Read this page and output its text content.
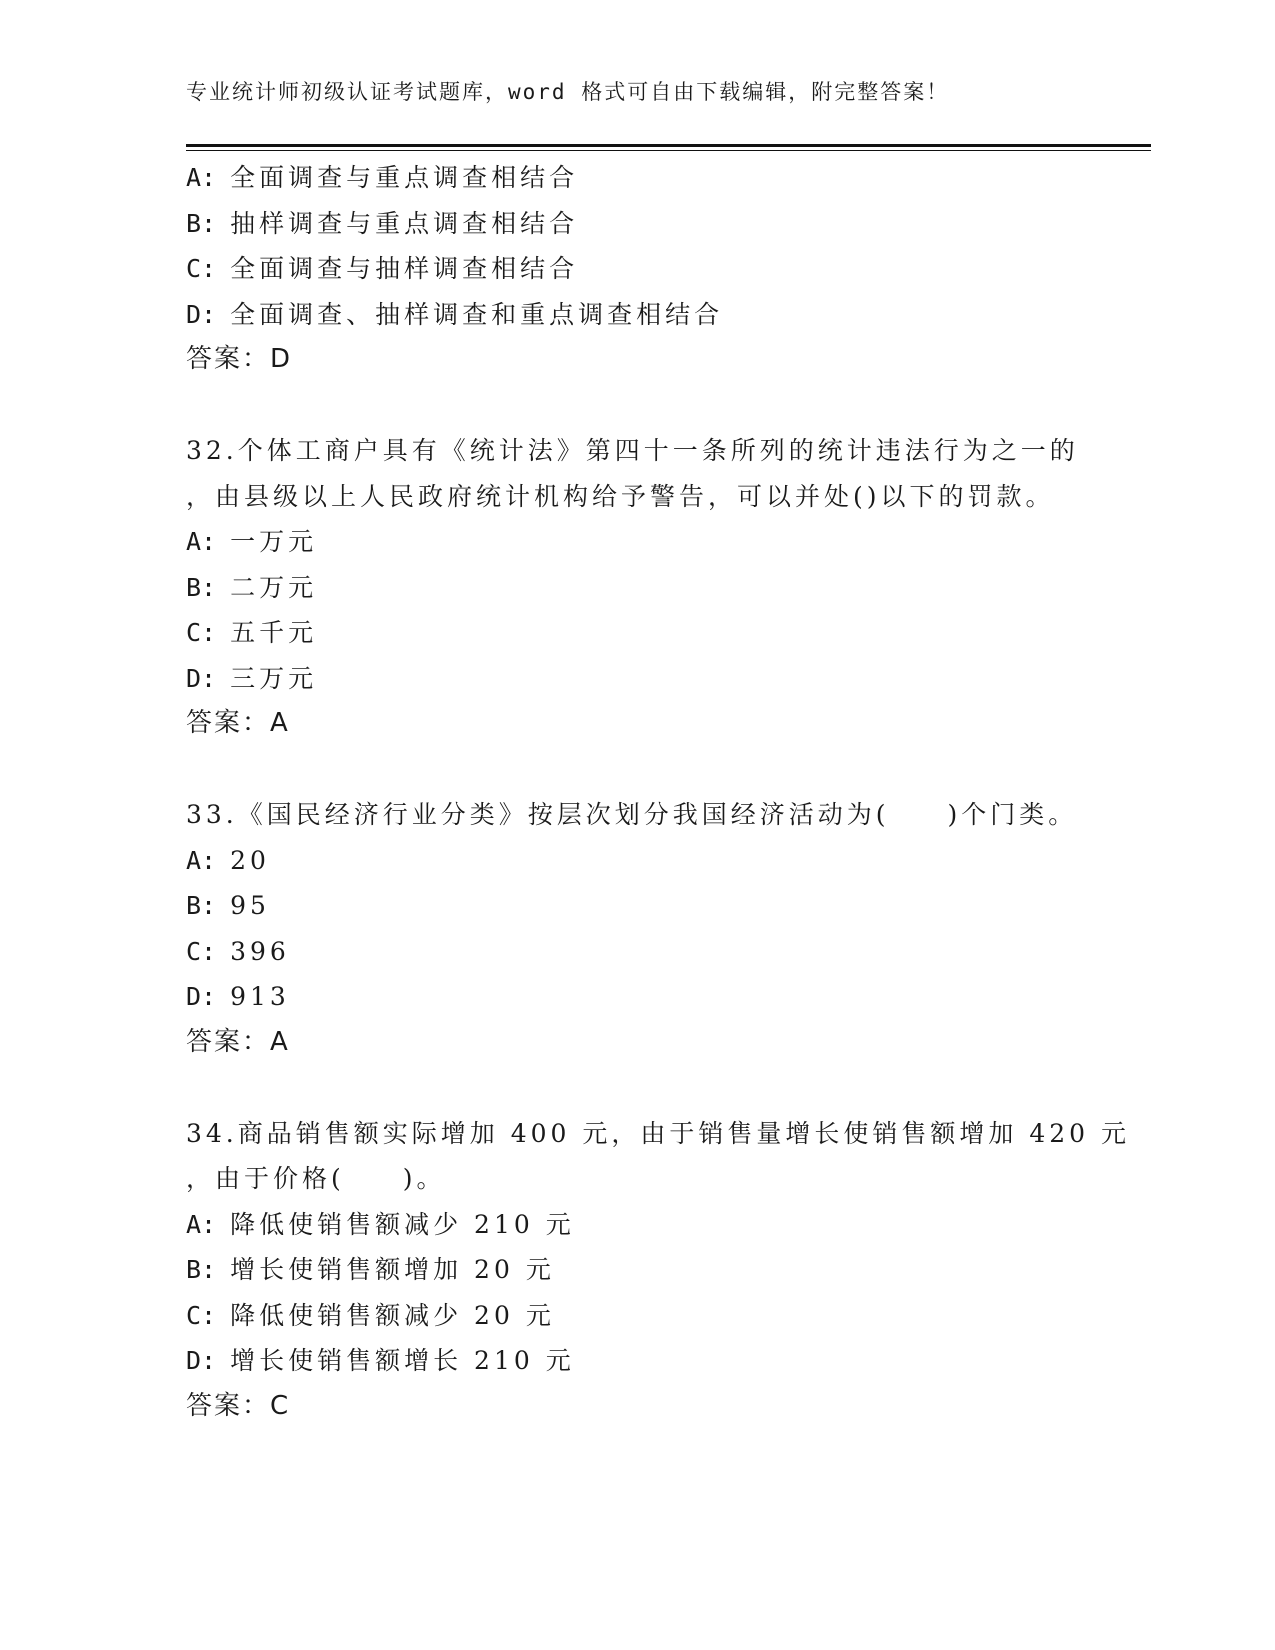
专业统计师初级认证考试题库，word 格式可自由下载编辑，附完整答案！
A: 全面调查与重点调查相结合
B: 抽样调查与重点调查相结合
C: 全面调查与抽样调查相结合
D: 全面调查、抽样调查和重点调查相结合
答案：D
32.个体工商户具有《统计法》第四十一条所列的统计违法行为之一的
，由县级以上人民政府统计机构给予警告，可以并处()以下的罚款。
A: 一万元
B: 二万元
C: 五千元
D: 三万元
答案：A
33.《国民经济行业分类》按层次划分我国经济活动为(　　)个门类。
A: 20
B: 95
C: 396
D: 913
答案：A
34.商品销售额实际增加 400 元，由于销售量增长使销售额增加 420 元
，由于价格(　　)。
A: 降低使销售额减少 210 元
B: 增长使销售额增加 20 元
C: 降低使销售额减少 20 元
D: 增长使销售额增长 210 元
答案：C
